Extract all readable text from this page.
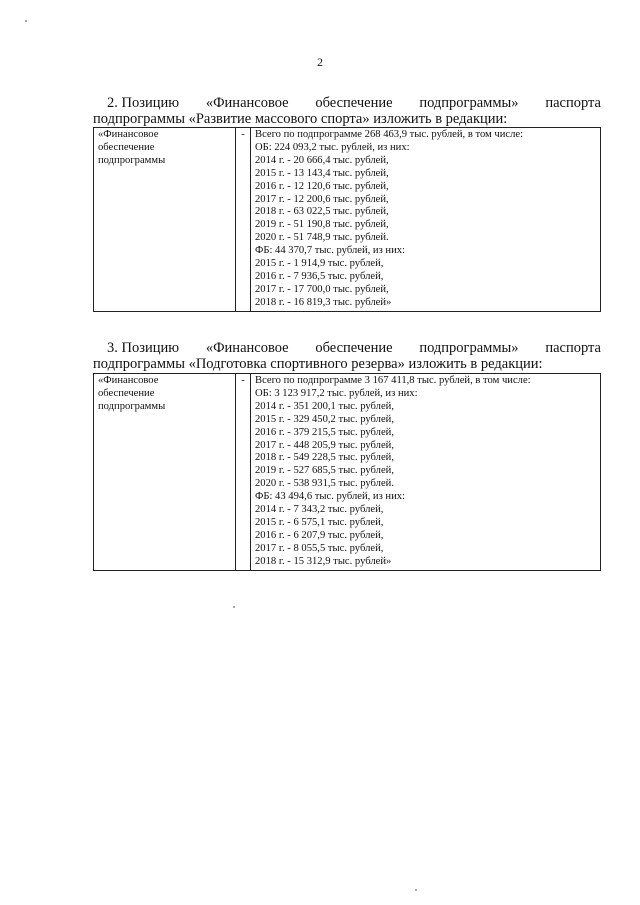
2
2. Позицию «Финансовое обеспечение подпрограммы» паспорта
подпрограммы «Развитие массового спорта» изложить в редакции:
«Финансовое
обеспечение
подпрограммы
	-	Всего по подпрограмме 268 463,9 тыс. рублей, в том числе:
ОБ: 224 093,2 тыс. рублей, из них:
2014 г. - 20 666,4 тыс. рублей,
2015 г. - 13 143,4 тыс. рублей,
2016 г. - 12 120,6 тыс. рублей,
2017 г. - 12 200,6 тыс. рублей,
2018 г. - 63 022,5 тыс. рублей,
2019 г. - 51 190,8 тыс. рублей,
2020 г. - 51 748,9 тыс. рублей.
ФБ: 44 370,7 тыс. рублей, из них:
2015 г. - 1 914,9 тыс. рублей,
2016 г. - 7 936,5 тыс. рублей,
2017 г. - 17 700,0 тыс. рублей,
2018 г. - 16 819,3 тыс. рублей»
3. Позицию «Финансовое обеспечение подпрограммы» паспорта
подпрограммы «Подготовка спортивного резерва» изложить в редакции:
«Финансовое
обеспечение
подпрограммы
	-	Всего по подпрограмме 3 167 411,8 тыс. рублей, в том числе:
ОБ: 3 123 917,2 тыс. рублей, из них:
2014 г. - 351 200,1 тыс. рублей,
2015 г. - 329 450,2 тыс. рублей,
2016 г. - 379 215,5 тыс. рублей,
2017 г. - 448 205,9 тыс. рублей,
2018 г. - 549 228,5 тыс. рублей,
2019 г. - 527 685,5 тыс. рублей,
2020 г. - 538 931,5 тыс. рублей.
ФБ: 43 494,6 тыс. рублей, из них:
2014 г. - 7 343,2 тыс. рублей,
2015 г. - 6 575,1 тыс. рублей,
2016 г. - 6 207,9 тыс. рублей,
2017 г. - 8 055,5 тыс. рублей,
2018 г. - 15 312,9 тыс. рублей»
